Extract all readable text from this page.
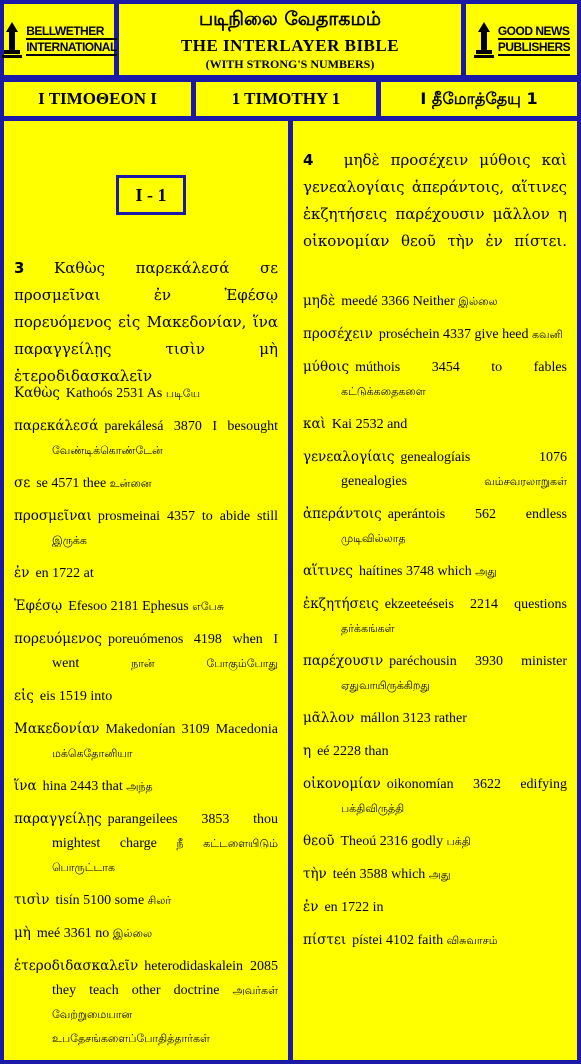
BELLWETHER
INTERNATIONAL
படிநிலை வேதாகமம்
THE INTERLAYER BIBLE
(WITH STRONG'S NUMBERS)
GOOD NEWS
PUBLISHERS
Ι ΤΙΜΟΘΕΟΝ Ι	1 TIMOTHY 1	I தீமோத்தேயு 1
I - 1
3 Καθὼς παρεκάλεσά σε προσμεῖναι ἐν Ἐφέσῳ πορευόμενος εἰς Μακεδονίαν, ἵνα παραγγείλῃς τισὶν μὴ ἑτεροδιδασκαλεῖν
Καθὼς Kathoós 2531 As படியே
παρεκάλεσά parekálesá 3870 I besought வேண்டிக்கொண்டேன்
σε se 4571 thee உன்னை
προσμεῖναι prosmeinai 4357 to abide still இருக்க
ἐν en 1722 at
Ἐφέσῳ Efesoo 2181 Ephesus எபேசு
πορευόμενος poreuómenos 4198 when I went	நான் போகும்போது
εἰς eis 1519 into
Μακεδονίαν Makedonían 3109 Macedonia மக்கெதோனியா
ἵνα hina 2443 that அந்த
παραγγείλῃς parangeilees 3853 thou mightest charge நீ கட்டளையிடும் பொருட்டாக
τισὶν tisín 5100 some சிலர்
μὴ meé 3361 no இல்லை
ἑτεροδιδασκαλεῖν heterodidaskalein 2085 they teach other doctrine அவர்கள் வேற்றுமையான உபதேசங்களைப்போதித்தார்கள்
4 μηδὲ προσέχειν μύθοις καὶ γενεαλογίαις ἀπεράντοις, αἵτινες ἐκζητήσεις παρέχουσιν μᾶλλον η οἰκονομίαν θεοῦ τὴν ἐν πίστει.
μηδὲ meedé 3366 Neither இல்லை
προσέχειν proséchein 4337 give heed கவனி
μύθοις múthois 3454 to fables கட்டுக்கதைகளை
καὶ Kai 2532 and
γενεαλογίαις genealogíais 1076 genealogies	வம்சவரலாறுகள்
ἀπεράντοις aperántois 562 endless முடிவில்லாத
αἵτινες haítines 3748 which அது
ἐκζητήσεις ekzeeteéseis 2214 questions தர்க்கங்கள்
παρέχουσιν paréchousin 3930 minister ஏதுவாயிருக்கிறது
μᾶλλον mállon 3123 rather
η eé 2228 than
οἰκονομίαν oikonomían 3622 edifying பக்திவிருத்தி
θεοῦ Theoú 2316 godly பக்தி
τὴν teén 3588 which அது
ἐν en 1722 in
πίστει pístei 4102 faith விசுவாசம்
